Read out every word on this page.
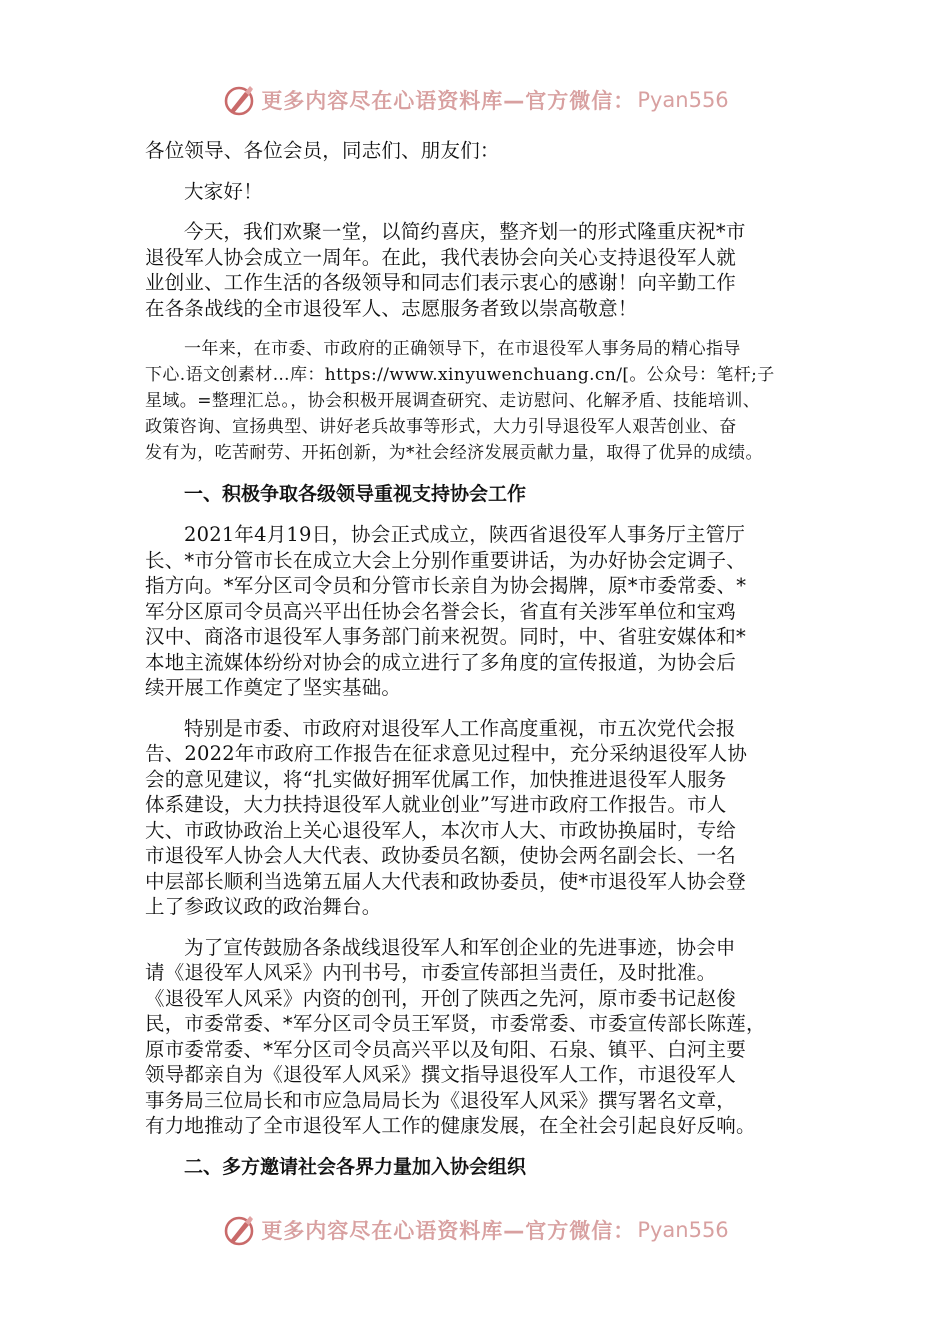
更多内容尽在心语资料库—官方微信： Pyan556
各位领导、各位会员，同志们、朋友们：
大家好！
今天，我们欢聚一堂，以简约喜庆，整齐划一的形式隆重庆祝*市
退役军人协会成立一周年。在此，我代表协会向关心支持退役军人就
业创业、工作生活的各级领导和同志们表示衷心的感谢！向辛勤工作
在各条战线的全市退役军人、志愿服务者致以崇高敬意！
一年来，在市委、市政府的正确领导下，在市退役军人事务局的精心指导
下心.语文创素材…库：https://www.xinyuwenchuang.cn/[。公众号：笔杆;子
星域。=整理汇总。，协会积极开展调查研究、走访慰问、化解矛盾、技能培训、
政策咨询、宣扬典型、讲好老兵故事等形式，大力引导退役军人艰苦创业、奋
发有为，吃苦耐劳、开拓创新，为*社会经济发展贡献力量，取得了优异的成绩。
一、积极争取各级领导重视支持协会工作
2021年4月19日，协会正式成立，陕西省退役军人事务厅主管厅
长、*市分管市长在成立大会上分别作重要讲话，为办好协会定调子、
指方向。*军分区司令员和分管市长亲自为协会揭牌，原*市委常委、*
军分区原司令员高兴平出任协会名誉会长，省直有关涉军单位和宝鸡
汉中、商洛市退役军人事务部门前来祝贺。同时，中、省驻安媒体和*
本地主流媒体纷纷对协会的成立进行了多角度的宣传报道，为协会后
续开展工作奠定了坚实基础。
特别是市委、市政府对退役军人工作高度重视，市五次党代会报
告、2022年市政府工作报告在征求意见过程中，充分采纳退役军人协
会的意见建议，将“扎实做好拥军优属工作，加快推进退役军人服务
体系建设，大力扶持退役军人就业创业”写进市政府工作报告。市人
大、市政协政治上关心退役军人，本次市人大、市政协换届时，专给
市退役军人协会人大代表、政协委员名额，使协会两名副会长、一名
中层部长顺利当选第五届人大代表和政协委员，使*市退役军人协会登
上了参政议政的政治舞台。
为了宣传鼓励各条战线退役军人和军创企业的先进事迹，协会申
请《退役军人风采》内刊书号，市委宣传部担当责任，及时批准。
《退役军人风采》内资的创刊，开创了陕西之先河，原市委书记赵俊
民，市委常委、*军分区司令员王军贤，市委常委、市委宣传部长陈莲，
原市委常委、*军分区司令员高兴平以及旬阳、石泉、镇平、白河主要
领导都亲自为《退役军人风采》撰文指导退役军人工作，市退役军人
事务局三位局长和市应急局局长为《退役军人风采》撰写署名文章，
有力地推动了全市退役军人工作的健康发展，在全社会引起良好反响。
二、多方邀请社会各界力量加入协会组织
更多内容尽在心语资料库—官方微信： Pyan556
